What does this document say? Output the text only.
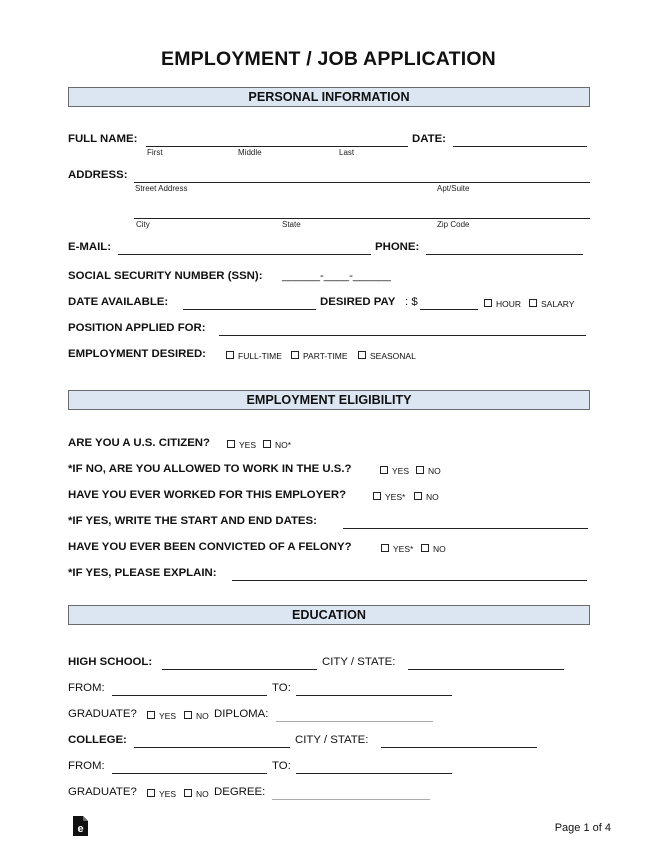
EMPLOYMENT / JOB APPLICATION
PERSONAL INFORMATION
FULL NAME:
First	Middle	Last
DATE:
ADDRESS:
Street Address	Apt/Suite
City	State	Zip Code
E-MAIL:	PHONE:
SOCIAL SECURITY NUMBER (SSN): ______-____-______
DATE AVAILABLE:	DESIRED PAY : $	HOUR SALARY
POSITION APPLIED FOR:
EMPLOYMENT DESIRED:	FULL-TIME PART-TIME	SEASONAL
EMPLOYMENT ELIGIBILITY
ARE YOU A U.S. CITIZEN?	YES NO*
*IF NO, ARE YOU ALLOWED TO WORK IN THE U.S.?	YES NO
HAVE YOU EVER WORKED FOR THIS EMPLOYER?	YES* NO
*IF YES, WRITE THE START AND END DATES:
HAVE YOU EVER BEEN CONVICTED OF A FELONY?	YES* NO
*IF YES, PLEASE EXPLAIN:
EDUCATION
HIGH SCHOOL:	CITY / STATE:
FROM:	TO:
GRADUATE?	YES NO DIPLOMA:
COLLEGE:	CITY / STATE:
FROM:	TO:
GRADUATE?	YES NO DEGREE:
e	Page 1 of 4
